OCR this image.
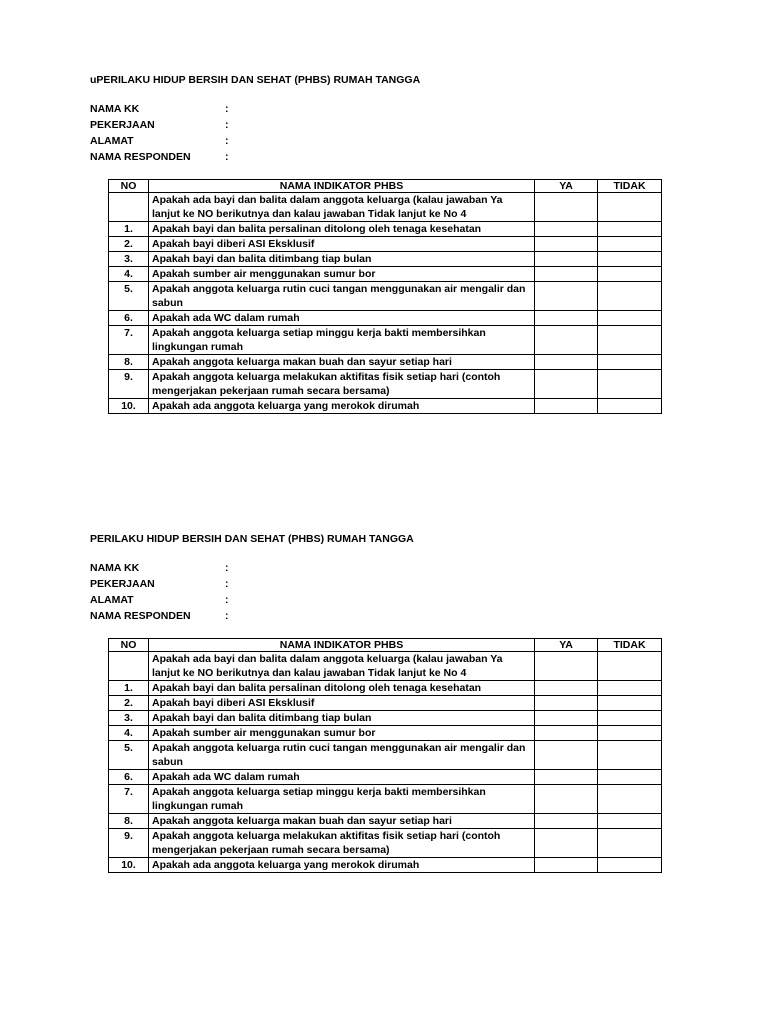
uPERILAKU HIDUP BERSIH DAN SEHAT (PHBS) RUMAH TANGGA

NAMA KK	:
PEKERJAAN	:
ALAMAT	:
NAMA RESPONDEN	:
NO	NAMA INDIKATOR PHBS	YA	TIDAK
	Apakah ada bayi dan balita dalam anggota keluarga (kalau jawaban Ya lanjut ke NO berikutnya dan kalau jawaban Tidak lanjut ke No 4		
1.	Apakah bayi dan balita persalinan ditolong oleh tenaga kesehatan		
2.	Apakah bayi diberi ASI Eksklusif		
3.	Apakah bayi dan balita ditimbang tiap bulan		
4.	Apakah sumber air menggunakan sumur bor		
5.	Apakah anggota keluarga rutin cuci tangan menggunakan air mengalir dan sabun		
6.	Apakah ada WC dalam rumah		
7.	Apakah anggota keluarga setiap minggu kerja bakti membersihkan lingkungan rumah		
8.	Apakah anggota keluarga makan buah dan sayur setiap hari		
9.	Apakah anggota keluarga melakukan aktifitas fisik setiap hari (contoh mengerjakan pekerjaan rumah secara bersama)		
10.	Apakah ada anggota keluarga yang merokok dirumah		

PERILAKU HIDUP BERSIH DAN SEHAT (PHBS) RUMAH TANGGA

NAMA KK	:
PEKERJAAN	:
ALAMAT	:
NAMA RESPONDEN	:
NO	NAMA INDIKATOR PHBS	YA	TIDAK
	Apakah ada bayi dan balita dalam anggota keluarga (kalau jawaban Ya lanjut ke NO berikutnya dan kalau jawaban Tidak lanjut ke No 4		
1.	Apakah bayi dan balita persalinan ditolong oleh tenaga kesehatan		
2.	Apakah bayi diberi ASI Eksklusif		
3.	Apakah bayi dan balita ditimbang tiap bulan		
4.	Apakah sumber air menggunakan sumur bor		
5.	Apakah anggota keluarga rutin cuci tangan menggunakan air mengalir dan sabun		
6.	Apakah ada WC dalam rumah		
7.	Apakah anggota keluarga setiap minggu kerja bakti membersihkan lingkungan rumah		
8.	Apakah anggota keluarga makan buah dan sayur setiap hari		
9.	Apakah anggota keluarga melakukan aktifitas fisik setiap hari (contoh mengerjakan pekerjaan rumah secara bersama)		
10.	Apakah ada anggota keluarga yang merokok dirumah		
